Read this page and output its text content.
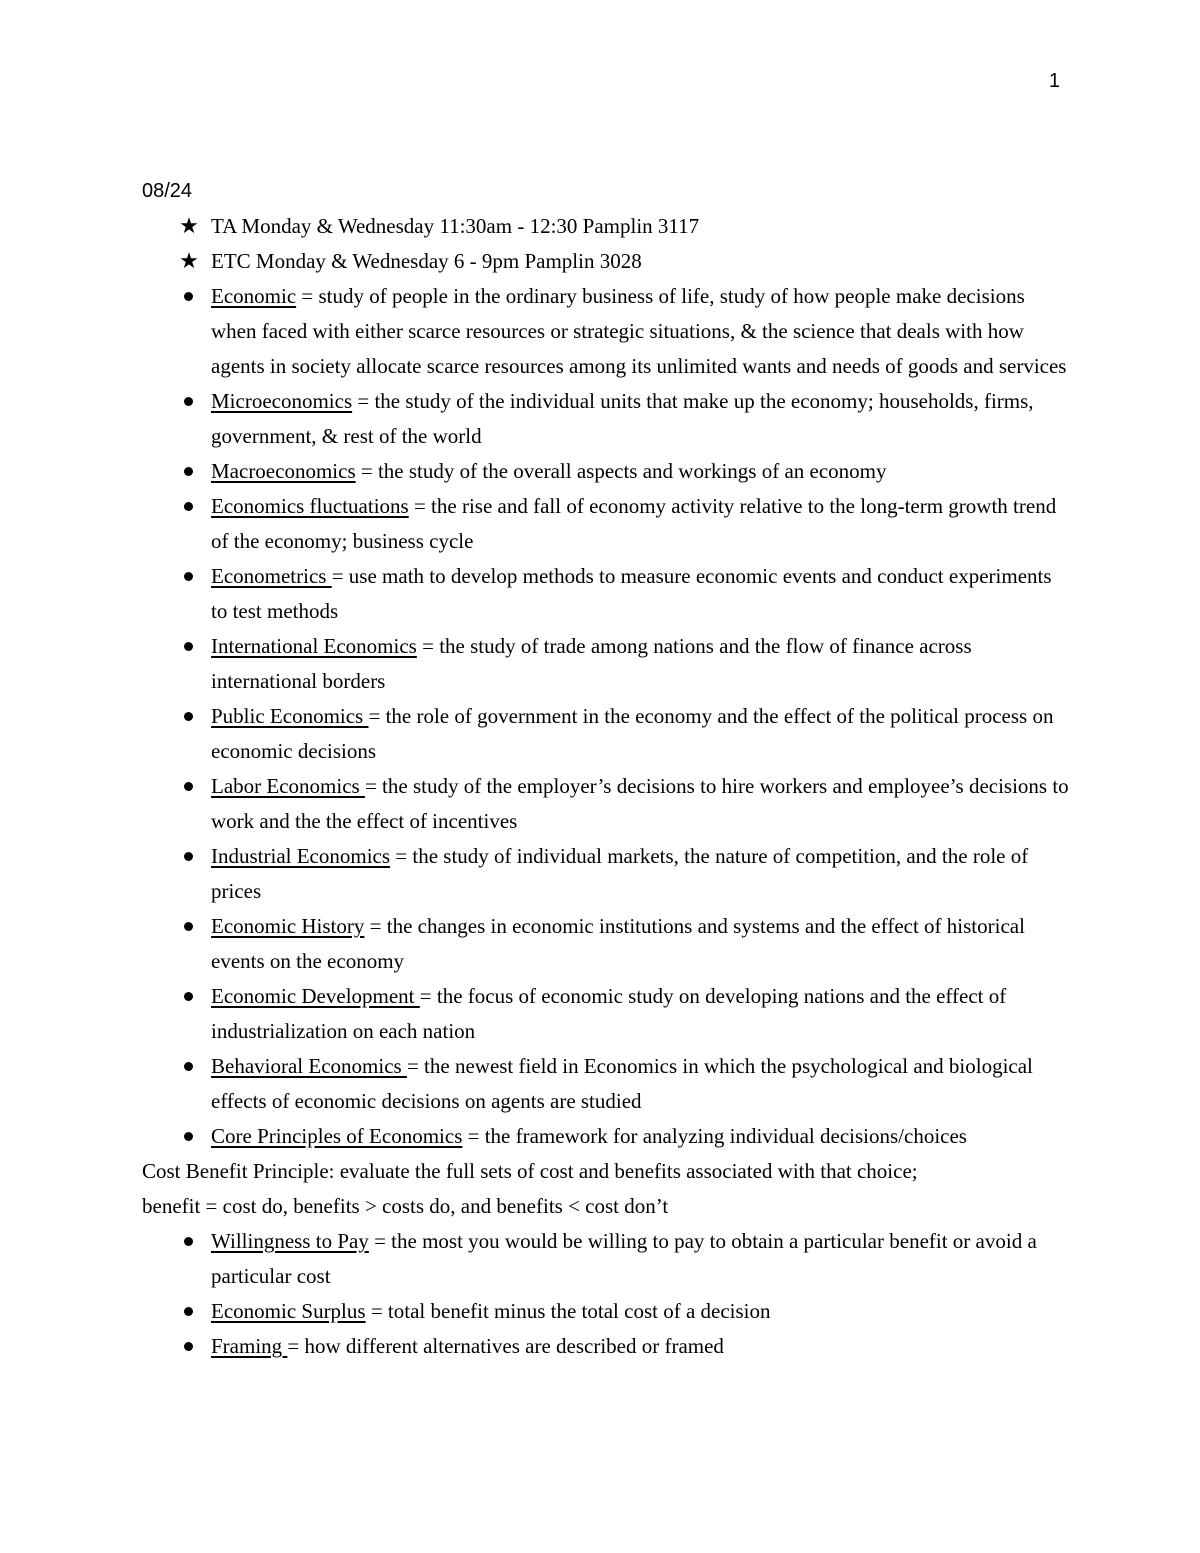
1
08/24
★ TA Monday & Wednesday 11:30am - 12:30 Pamplin 3117
★ ETC Monday & Wednesday 6 - 9pm Pamplin 3028
Economic = study of people in the ordinary business of life, study of how people make decisions when faced with either scarce resources or strategic situations, & the science that deals with how agents in society allocate scarce resources among its unlimited wants and needs of goods and services
Microeconomics = the study of the individual units that make up the economy; households, firms, government, & rest of the world
Macroeconomics = the study of the overall aspects and workings of an economy
Economics fluctuations = the rise and fall of economy activity relative to the long-term growth trend of the economy; business cycle
Econometrics = use math to develop methods to measure economic events and conduct experiments to test methods
International Economics = the study of trade among nations and the flow of finance across international borders
Public Economics = the role of government in the economy and the effect of the political process on economic decisions
Labor Economics = the study of the employer’s decisions to hire workers and employee’s decisions to work and the the effect of incentives
Industrial Economics = the study of individual markets, the nature of competition, and the role of prices
Economic History = the changes in economic institutions and systems and the effect of historical events on the economy
Economic Development = the focus of economic study on developing nations and the effect of industrialization on each nation
Behavioral Economics = the newest field in Economics in which the psychological and biological effects of economic decisions on agents are studied
Core Principles of Economics = the framework for analyzing individual decisions/choices

Cost Benefit Principle: evaluate the full sets of cost and benefits associated with that choice;

benefit = cost do, benefits > costs do, and benefits < cost don’t

Willingness to Pay = the most you would be willing to pay to obtain a particular benefit or avoid a particular cost
Economic Surplus = total benefit minus the total cost of a decision
Framing = how different alternatives are described or framed
